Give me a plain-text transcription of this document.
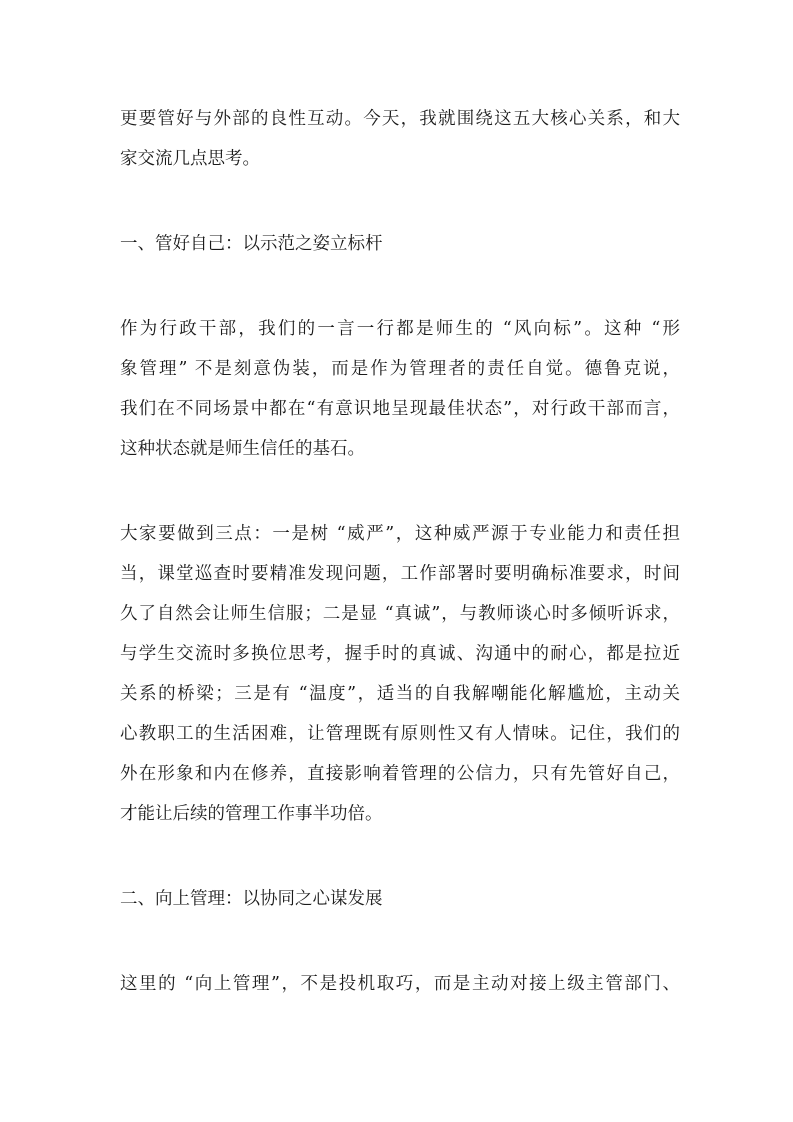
更要管好与外部的良性互动。今天，我就围绕这五大核心关系，和大
家交流几点思考。
一、管好自己：以示范之姿立标杆
作为行政干部，我们的一言一行都是师生的 “风向标”。这种 “形
象管理” 不是刻意伪装，而是作为管理者的责任自觉。德鲁克说，
我们在不同场景中都在“有意识地呈现最佳状态”，对行政干部而言，
这种状态就是师生信任的基石。
大家要做到三点：一是树 “威严”，这种威严源于专业能力和责任担
当，课堂巡查时要精准发现问题，工作部署时要明确标准要求，时间
久了自然会让师生信服；二是显 “真诚”，与教师谈心时多倾听诉求，
与学生交流时多换位思考，握手时的真诚、沟通中的耐心，都是拉近
关系的桥梁；三是有 “温度”，适当的自我解嘲能化解尴尬，主动关
心教职工的生活困难，让管理既有原则性又有人情味。记住，我们的
外在形象和内在修养，直接影响着管理的公信力，只有先管好自己，
才能让后续的管理工作事半功倍。
二、向上管理：以协同之心谋发展
这里的 “向上管理”，不是投机取巧，而是主动对接上级主管部门、
